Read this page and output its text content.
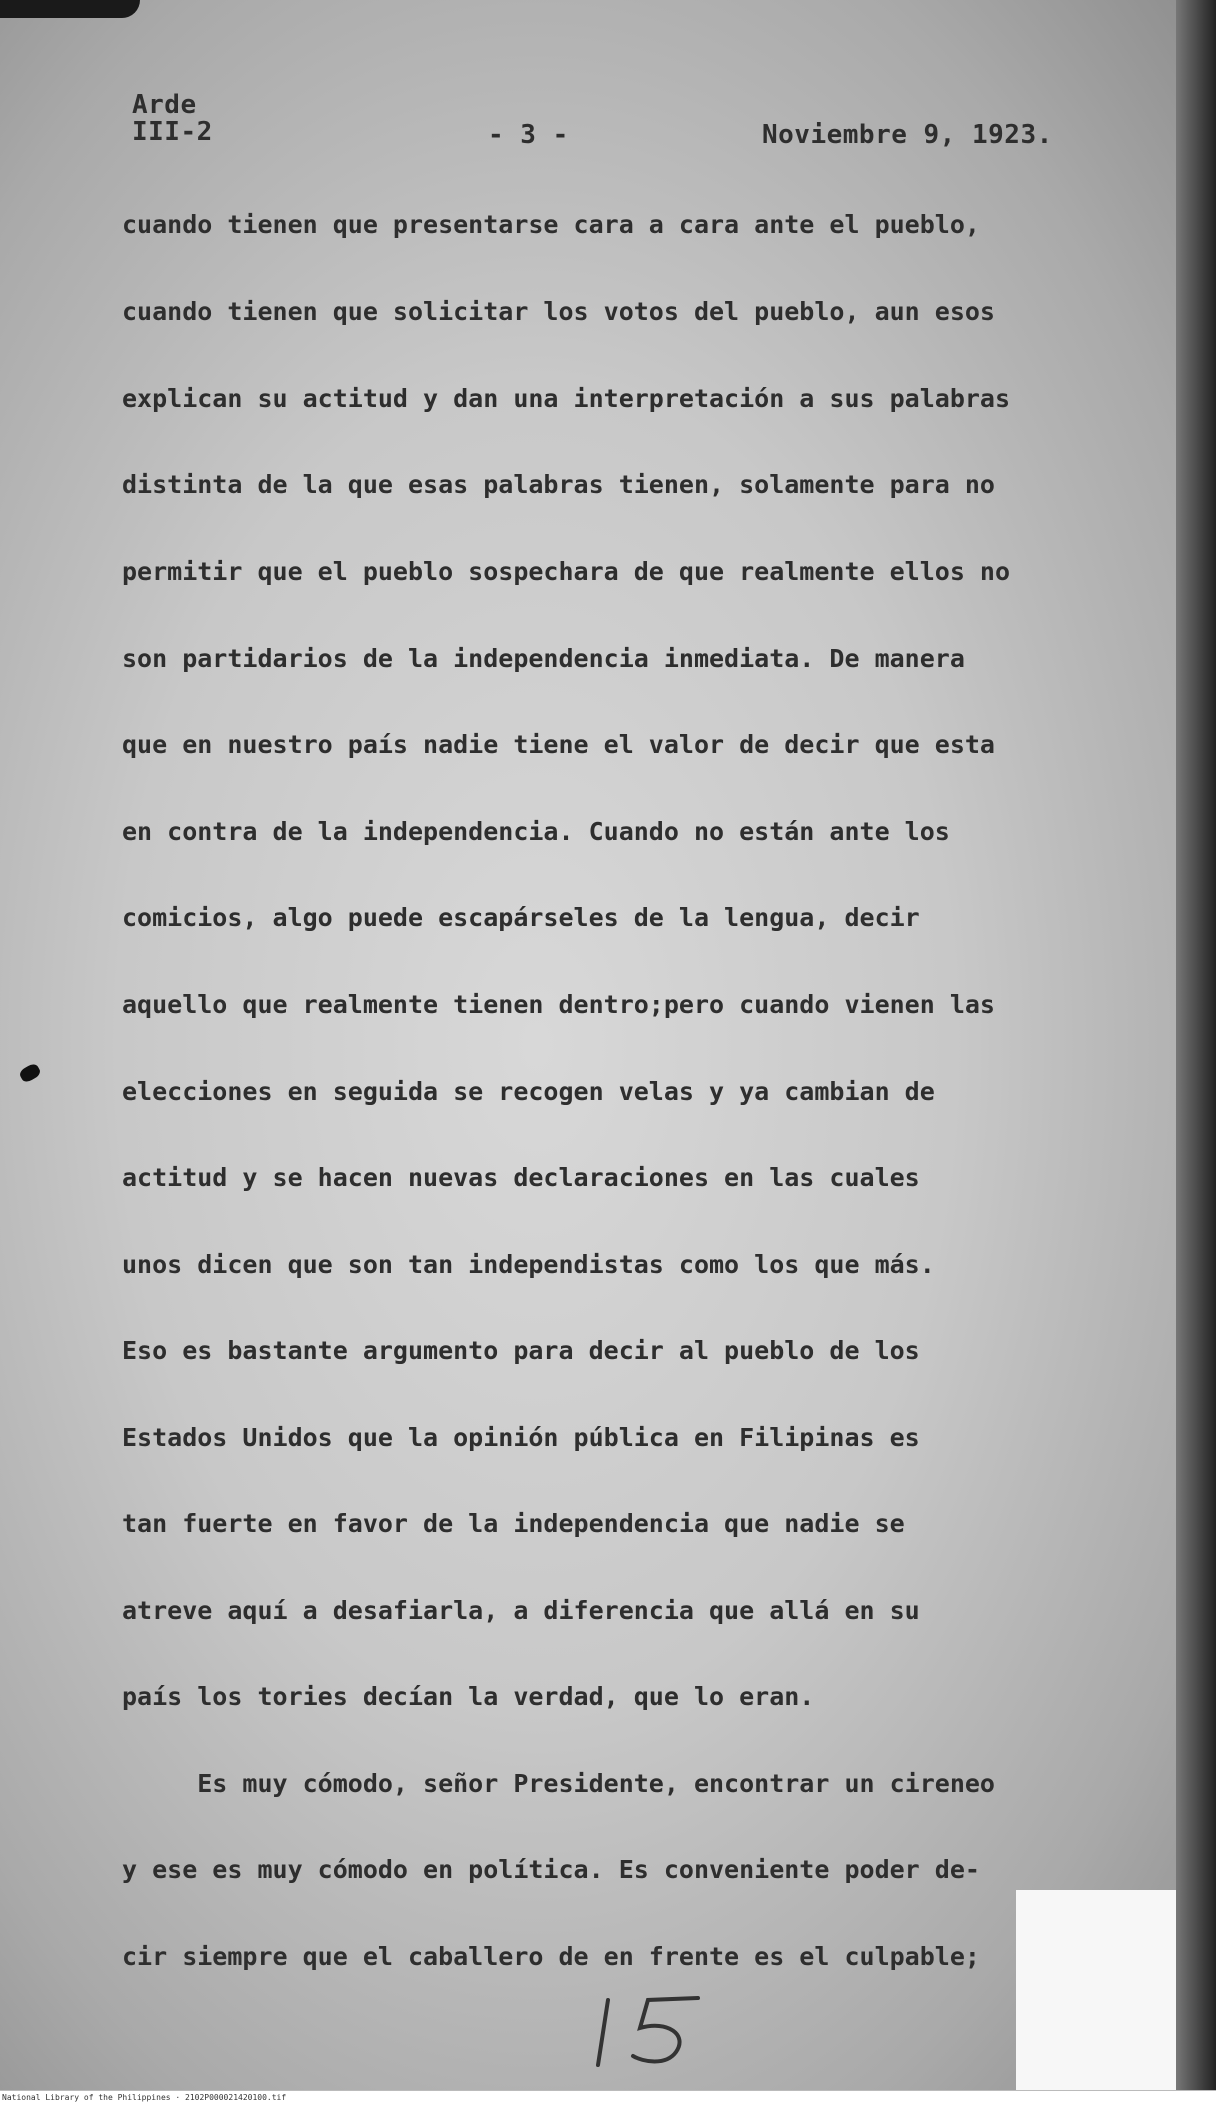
Arde
III-2	- 3 -	Noviembre 9, 1923.
cuando tienen que presentarse cara a cara ante el pueblo,
cuando tienen que solicitar los votos del pueblo, aun esos
explican su actitud y dan una interpretación a sus palabras
distinta de la que esas palabras tienen, solamente para no
permitir que el pueblo sospechara de que realmente ellos no
son partidarios de la independencia inmediata. De manera
que en nuestro país nadie tiene el valor de decir que esta
en contra de la independencia. Cuando no están ante los
comicios, algo puede escapárseles de la lengua, decir
aquello que realmente tienen dentro;pero cuando vienen las
elecciones en seguida se recogen velas y ya cambian de
actitud y se hacen nuevas declaraciones en las cuales
unos dicen que son tan independistas como los que más.
Eso es bastante argumento para decir al pueblo de los
Estados Unidos que la opinión pública en Filipinas es
tan fuerte en favor de la independencia que nadie se
atreve aquí a desafiarla, a diferencia que allá en su
país los tories decían la verdad, que lo eran.
Es muy cómodo, señor Presidente, encontrar un cireneo
y ese es muy cómodo en política. Es conveniente poder de-
cir siempre que el caballero de en frente es el culpable;
15
National Library of the Philippines · 2102P000021420100.tif
